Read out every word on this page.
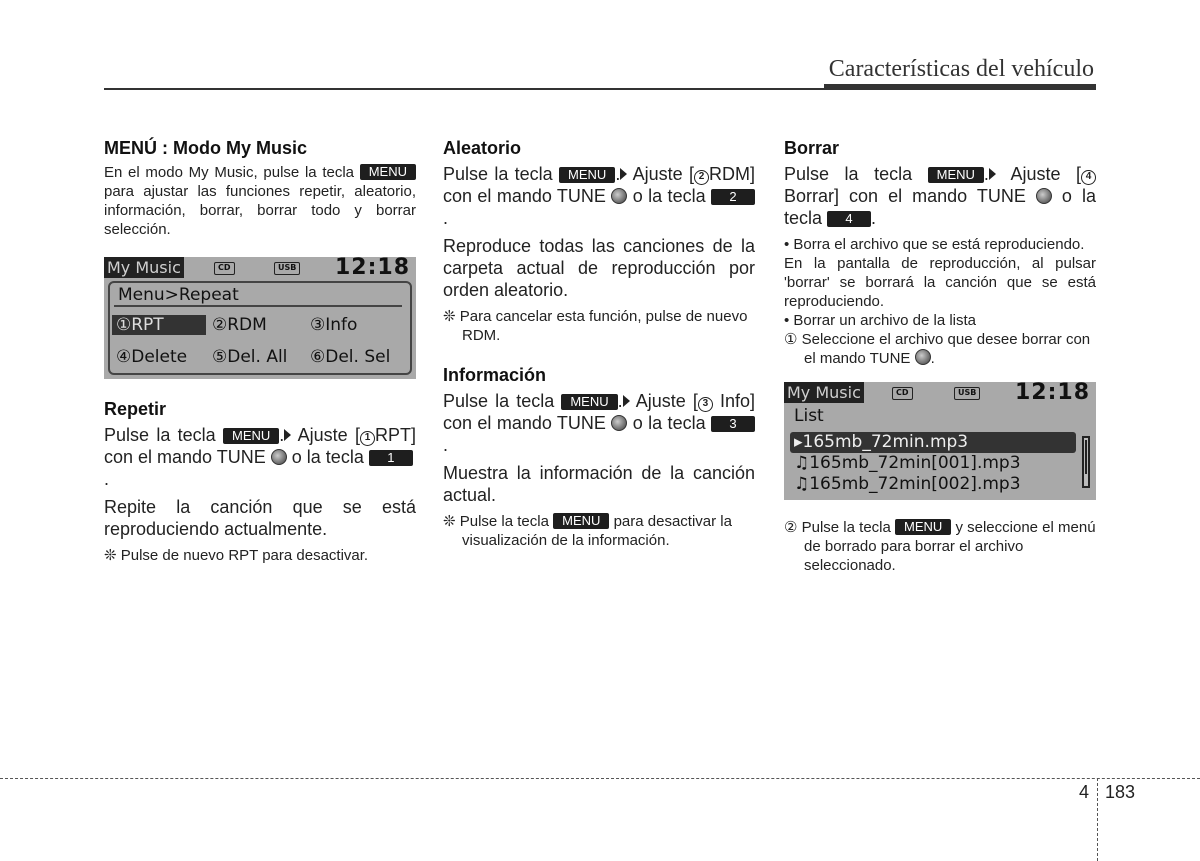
Características del vehículo
MENÚ : Modo My Music

En el modo My Music, pulse la tecla MENU para ajustar las funciones repetir, aleatorio, información, borrar, borrar todo y borrar selección.

My Music	CD	USB 12:18
Menu>Repeat
①RPT	②RDM	③Info
④Delete ⑤Del. All ⑥Del. Sel
Repetir

Pulse la tecla MENU . Ajuste [ 1 RPT] con el mando TUNE o la tecla 1
.

Repite la canción que se está reproduciendo actualmente.

❊ Pulse de nuevo RPT para desactivar.

Aleatorio

Pulse la tecla MENU . Ajuste [ 2 RDM] con el mando TUNE o la tecla 2.

Reproduce todas las canciones de la carpeta actual de reproducción por orden aleatorio.

❊ Para cancelar esta función, pulse de nuevo RDM.

Información

Pulse la tecla MENU . Ajuste [ 3 Info] con el mando TUNE o la tecla 3.

Muestra la información de la canción actual.

❊ Pulse la tecla MENU para desactivar la visualización de la información.

Borrar

Pulse la tecla MENU . Ajuste [ 4 Borrar] con el mando TUNE o la tecla 4 .

• Borra el archivo que se está reproduciendo.

En la pantalla de reproducción, al pulsar 'borrar' se borrará la canción que se está reproduciendo.

• Borrar un archivo de la lista

① Seleccione el archivo que desee borrar con el mando TUNE .

My Music	CD	USB 12:18
List
▸165mb_72min.mp3
♫165mb_72min[001].mp3
♫165mb_72min[002].mp3

② Pulse la tecla MENU y seleccione el menú de borrado para borrar el archivo seleccionado.

4 183
